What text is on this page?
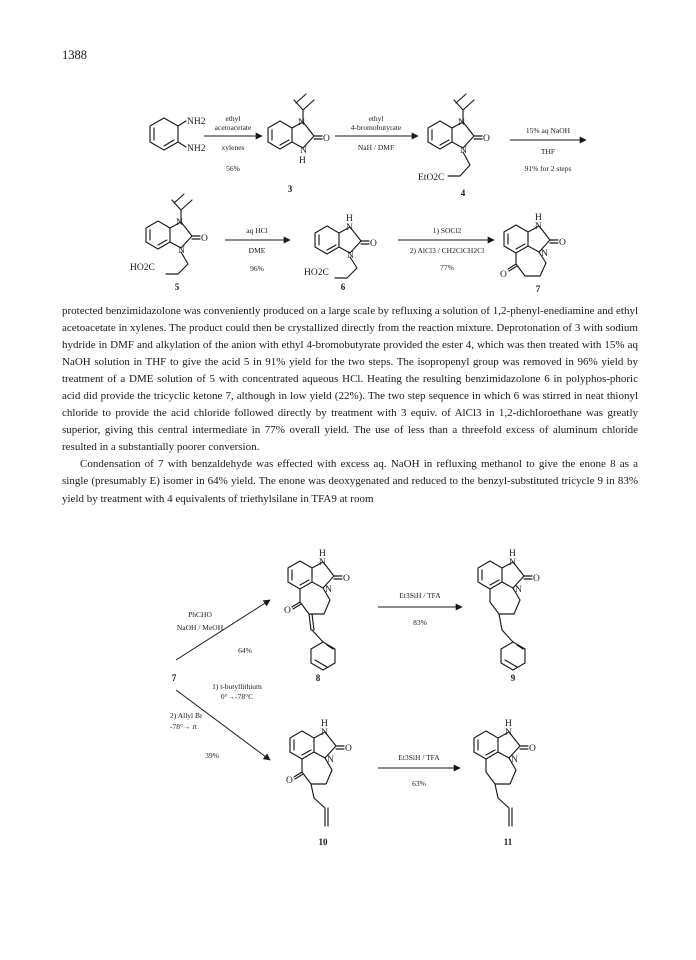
1388
NH2
NH2
ethyl
acetoacetate
xylenes
56%
N
N
H
O
3
ethyl
4-bromobutyrate
NaH / DMF
N
N
O
EtO2C
4
15% aq NaOH
THF
91% for 2 steps
N
N
O
HO2C
5
aq HCl
DME
96%
H
N
N
O
HO2C
6
1) SOCl2
2) AlCl3 / CH2ClCH2Cl
77%
H
N
N
O
O
7
PhCHO
NaOH / MeOH
64%
7
1) t-butyllithium
0°→-78°C
2) Allyl Br
-78°→ rt
39%
H
N
N
O
O
8
Et3SiH / TFA
83%
H
N
N
O
9
H
N
N
O
O
10
Et3SiH / TFA
63%
H
N
N
O
11

protected benzimidazolone was conveniently produced on a large scale by refluxing a solution of 1,2-phenyl-enediamine and ethyl acetoacetate in xylenes. The product could then be crystallized directly from the reaction mixture. Deprotonation of 3 with sodium hydride in DMF and alkylation of the anion with ethyl 4-bromobutyrate provided the ester 4, which was then treated with 15% aq NaOH solution in THF to give the acid 5 in 91% yield for the two steps. The isopropenyl group was removed in 96% yield by treatment of a DME solution of 5 with concentrated aqueous HCl. Heating the resulting benzimidazolone 6 in polyphos-phoric acid did provide the tricyclic ketone 7, although in low yield (22%). The two step sequence in which 6 was stirred in neat thionyl chloride to provide the acid chloride followed directly by treatment with 3 equiv. of AlCl3 in 1,2-dichloroethane was greatly superior, giving this central intermediate in 77% overall yield. The use of less than a threefold excess of aluminum chloride resulted in a substantially poorer conversion.

Condensation of 7 with benzaldehyde was effected with excess aq. NaOH in refluxing methanol to give the enone 8 as a single (presumably E) isomer in 64% yield. The enone was deoxygenated and reduced to the benzyl-substituted tricycle 9 in 83% yield by treatment with 4 equivalents of triethylsilane in TFA9 at room
